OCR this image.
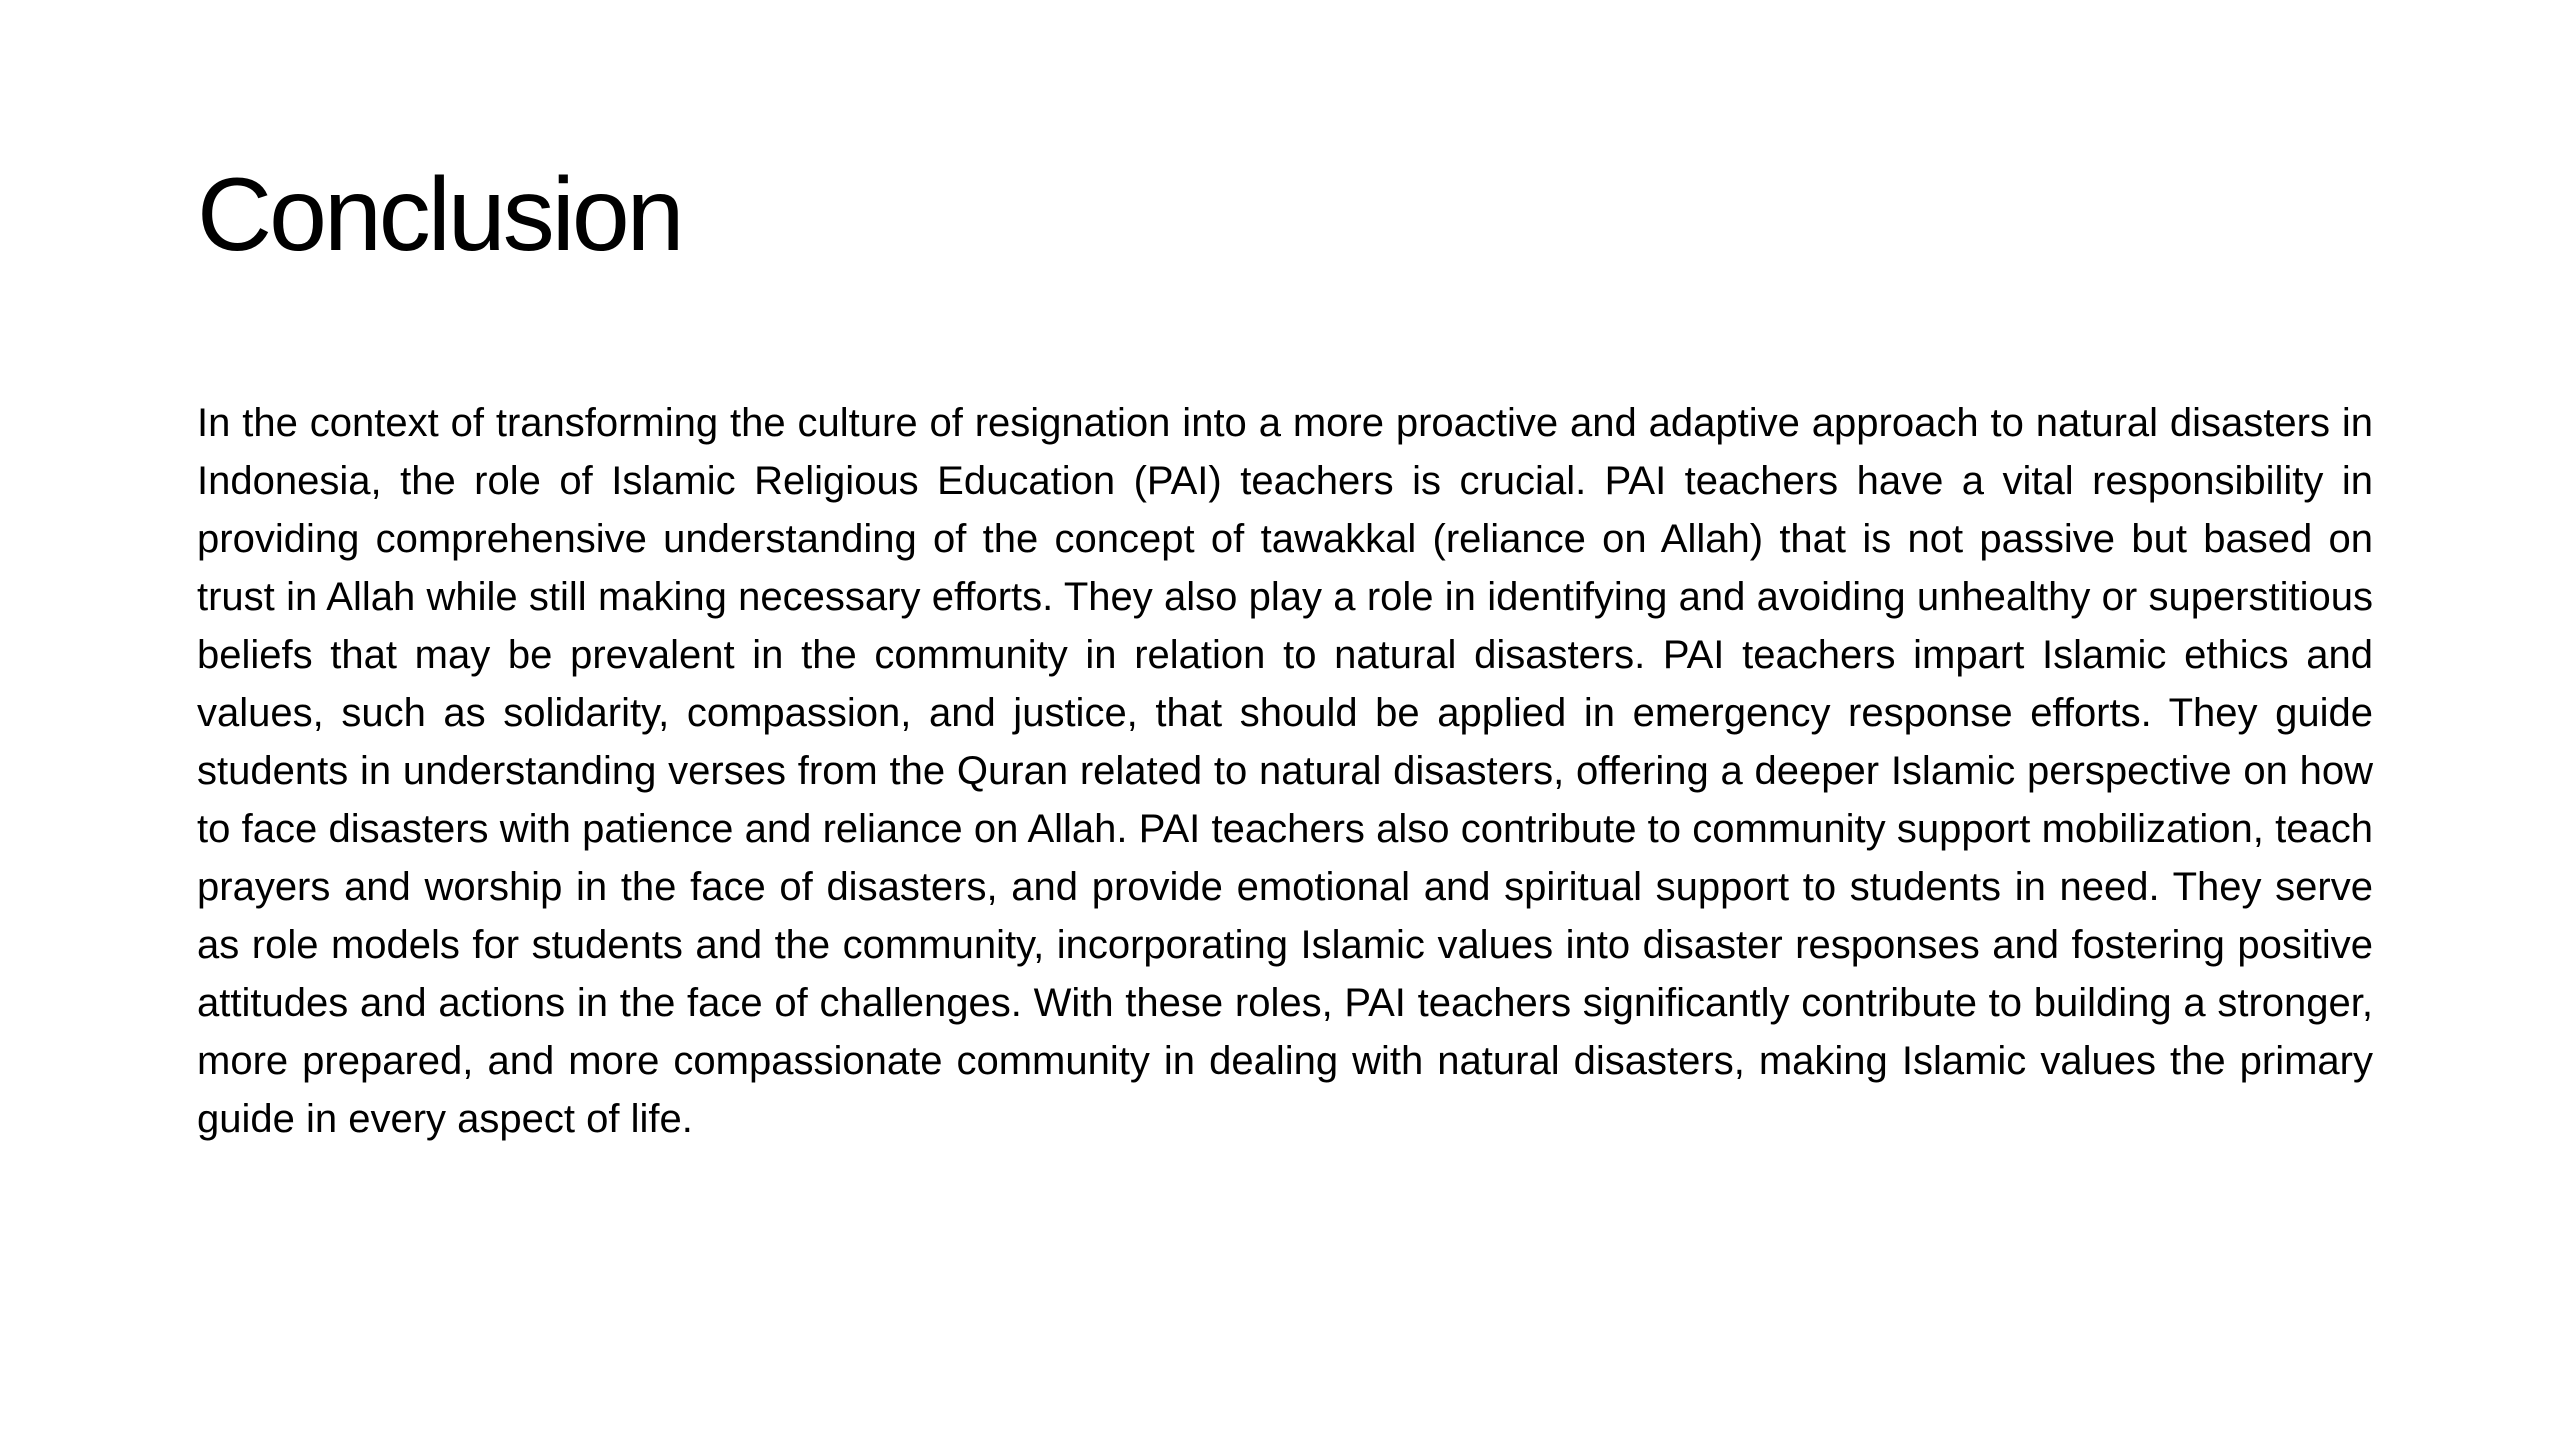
Conclusion

In the context of transforming the culture of resignation into a more proactive and adaptive approach to natural disasters in Indonesia, the role of Islamic Religious Education (PAI) teachers is crucial. PAI teachers have a vital responsibility in providing comprehensive understanding of the concept of tawakkal (reliance on Allah) that is not passive but based on trust in Allah while still making necessary efforts. They also play a role in identifying and avoiding unhealthy or superstitious beliefs that may be prevalent in the community in relation to natural disasters. PAI teachers impart Islamic ethics and values, such as solidarity, compassion, and justice, that should be applied in emergency response efforts. They guide students in understanding verses from the Quran related to natural disasters, offering a deeper Islamic perspective on how to face disasters with patience and reliance on Allah. PAI teachers also contribute to community support mobilization, teach prayers and worship in the face of disasters, and provide emotional and spiritual support to students in need. They serve as role models for students and the community, incorporating Islamic values into disaster responses and fostering positive attitudes and actions in the face of challenges. With these roles, PAI teachers significantly contribute to building a stronger, more prepared, and more compassionate community in dealing with natural disasters, making Islamic values the primary guide in every aspect of life.
